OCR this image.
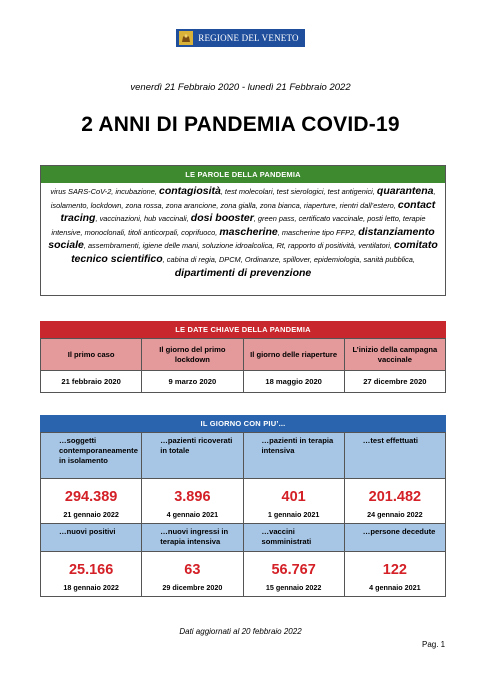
REGIONE DEL VENETO
venerdì 21 Febbraio 2020 - lunedì 21 Febbraio 2022
2 ANNI DI PANDEMIA COVID-19
LE PAROLE DELLA PANDEMIA
virus SARS-CoV-2, incubazione, contagiosità, test molecolari, test sierologici, test antigenici, quarantena, isolamento, lockdown, zona rossa, zona arancione, zona gialla, zona bianca, riaperture, rientri dall’estero, contact tracing, vaccinazioni, hub vaccinali, dosi booster, green pass, certificato vaccinale, posti letto, terapie intensive, monoclonali, titoli anticorpali, coprifuoco, mascherine, mascherine tipo FFP2, distanziamento sociale, assembramenti, igiene delle mani, soluzione idroalcolica, Rt, rapporto di positività, ventilatori, comitato tecnico scientifico, cabina di regia, DPCM, Ordinanze, spillover, epidemiologia, sanità pubblica, dipartimenti di prevenzione
LE DATE CHIAVE DELLA PANDEMIA
Il primo caso	Il giorno del primo lockdown	Il giorno delle riaperture	L’inizio della campagna vaccinale
21 febbraio 2020	9 marzo 2020	18 maggio 2020	27 dicembre 2020
IL GIORNO CON PIU’...
…soggetti contemporaneamente in isolamento	…pazienti ricoverati in totale	…pazienti in terapia intensiva	…test effettuati
294.389	3.896	401	201.482
21 gennaio 2022	4 gennaio 2021	1 gennaio 2021	24 gennaio 2022
…nuovi positivi	…nuovi ingressi in terapia intensiva	…vaccini somministrati	…persone decedute
25.166	63	56.767	122
18 gennaio 2022	29 dicembre 2020	15 gennaio 2022	4 gennaio 2021
Dati aggiornati al 20 febbraio 2022
Pag. 1
